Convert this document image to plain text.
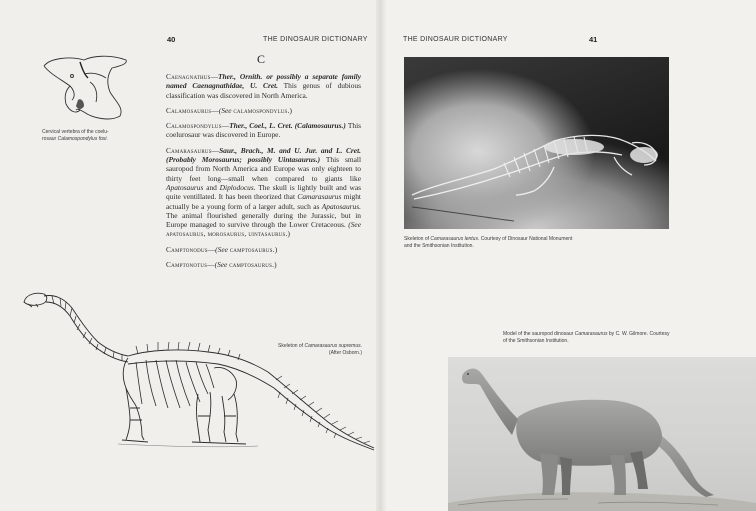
40	THE DINOSAUR DICTIONARY
C
Cervical vertebra of the coelu-
rosaur Calamospondylus foxi.

Caenagnathus—Ther., Ornith. or possibly a separate family named Caenagnathidae, U. Cret. This genus of dubious classification was discovered in North America.

Calamosaurus—(See calamospondylus.)

Calamospondylus—Ther., Coel., L. Cret. (Calamosaurus.) This coelurosaur was discovered in Europe.

Camarasaurus—Saur., Brach., M. and U. Jur. and L. Cret. (Probably Morosaurus; possibly Uintasaurus.) This small sauropod from North America and Europe was only eighteen to thirty feet long—small when compared to giants like Apatosaurus and Diplodocus. The skull is lightly built and was quite ventillated. It has been theorized that Camarasaurus might actually be a young form of a larger adult, such as Apatosaurus. The animal flourished generally during the Jurassic, but in Europe managed to survive through the Lower Cretaceous. (See apatosaurus, morosaurus, uintasaurus.)

Camptonodus—(See camptosaurus.)

Camptonotus—(See camptosaurus.)

Skeleton of Camarasaurus supremus.
(After Osborn.)
THE DINOSAUR DICTIONARY	41
Skeleton of Camarasaurus lentus. Courtesy of Dinosaur National Monument
and the Smithsonian Institution.
Model of the sauropod dinosaur Camarasaurus by C. W. Gilmore. Courtesy
of the Smithsonian Institution.
